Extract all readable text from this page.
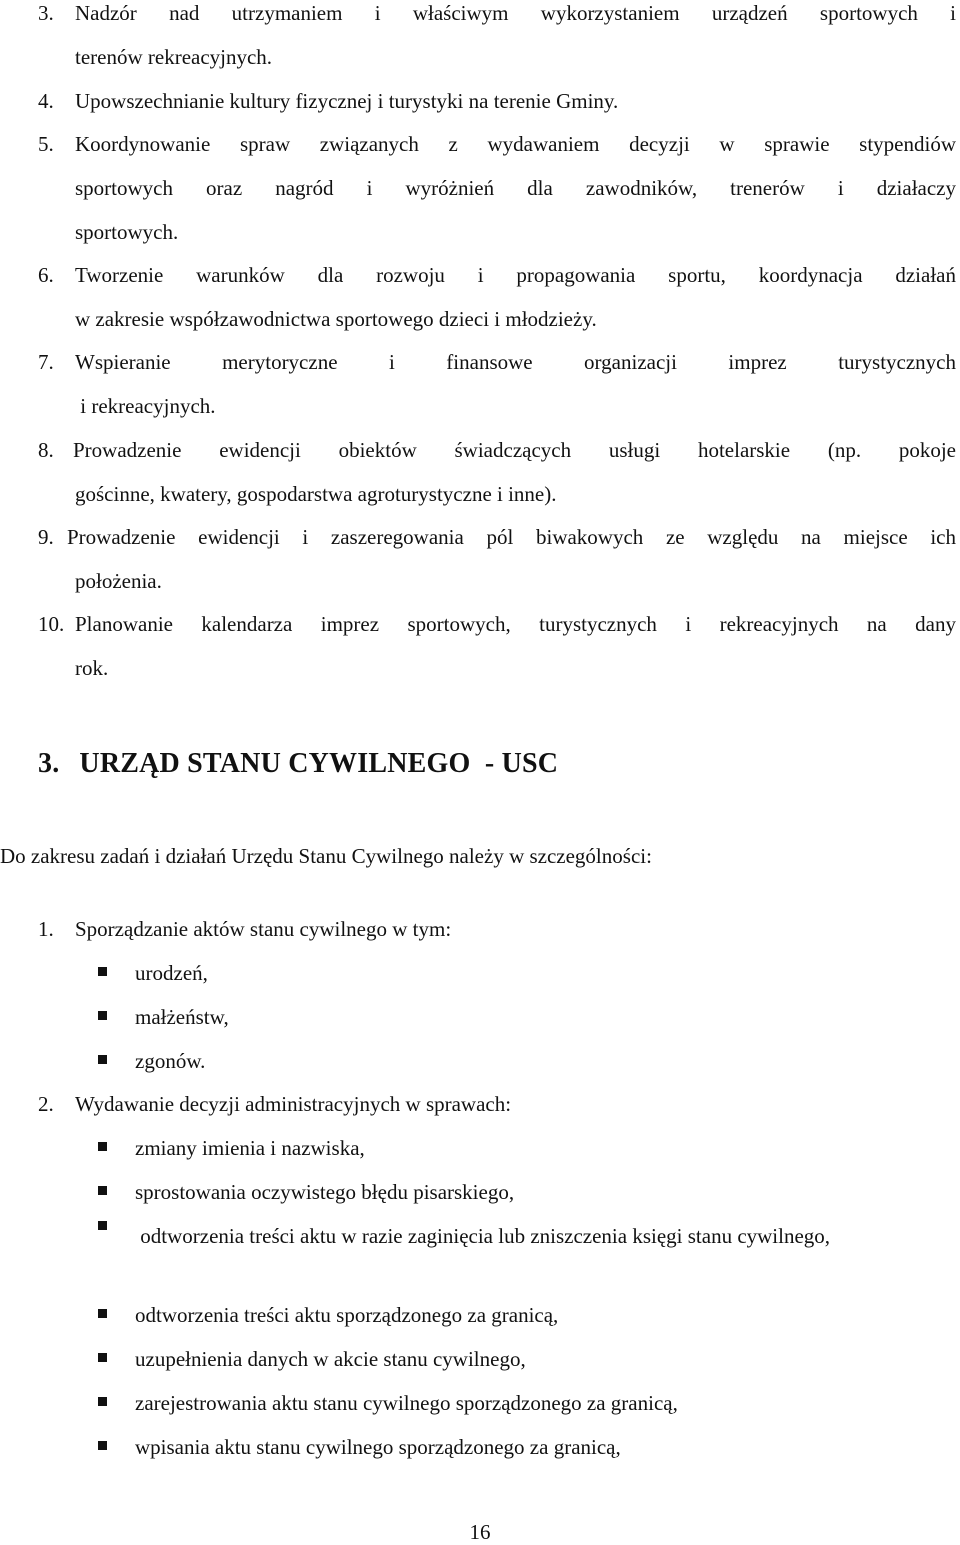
3. Nadzór nad utrzymaniem i właściwym wykorzystaniem urządzeń sportowych i
terenów rekreacyjnych.
4. Upowszechnianie kultury fizycznej i turystyki na terenie Gminy.
5. Koordynowanie spraw związanych z wydawaniem decyzji w sprawie stypendiów
sportowych oraz nagród i wyróżnień dla zawodników, trenerów i działaczy
sportowych.
6. Tworzenie warunków dla rozwoju i propagowania sportu, koordynacja działań
w zakresie współzawodnictwa sportowego dzieci i młodzieży.
7. Wspieranie merytoryczne i finansowe organizacji imprez turystycznych
i rekreacyjnych.
8. Prowadzenie ewidencji obiektów świadczących usługi hotelarskie (np. pokoje
gościnne, kwatery, gospodarstwa agroturystyczne i inne).
9. Prowadzenie ewidencji i zaszeregowania pól biwakowych ze względu na miejsce ich
położenia.
10. Planowanie kalendarza imprez sportowych, turystycznych i rekreacyjnych na dany
rok.
3. URZĄD STANU CYWILNEGO  - USC
Do zakresu zadań i działań Urzędu Stanu Cywilnego należy w szczególności:
1. Sporządzanie aktów stanu cywilnego w tym:
urodzeń,
małżeństw,
zgonów.
2. Wydawanie decyzji administracyjnych w sprawach:
zmiany imienia i nazwiska,
sprostowania oczywistego błędu pisarskiego,
odtworzenia treści aktu w razie zaginięcia lub zniszczenia księgi stanu cywilnego,
odtworzenia treści aktu sporządzonego za granicą,
uzupełnienia danych w akcie stanu cywilnego,
zarejestrowania aktu stanu cywilnego sporządzonego za granicą,
wpisania aktu stanu cywilnego sporządzonego za granicą,
16
